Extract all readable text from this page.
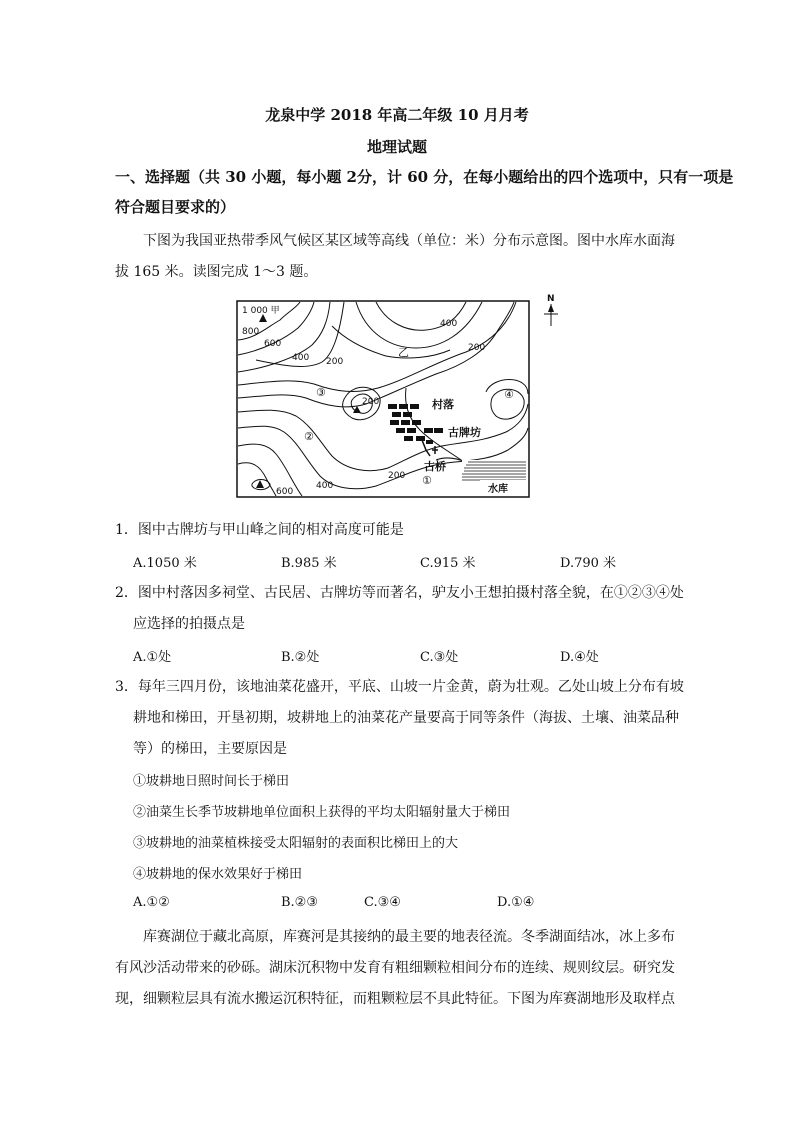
龙泉中学 2018 年高二年级 10 月月考
地理试题
一、选择题（共 30 小题，每小题 2分，计 60 分，在每小题给出的四个选项中，只有一项是
符合题目要求的）
下图为我国亚热带季风气候区某区域等高线（单位：米）分布示意图。图中水库水面海
拔 165 米。读图完成 1～3 题。
1 000 甲
800
600
400
400
200
200
乙
③
200	村落
②	古牌坊
④
古桥
200
400
600
①
水库
N
1．图中古牌坊与甲山峰之间的相对高度可能是
A.1050 米	B.985 米	C.915 米	D.790 米
2．图中村落因多祠堂、古民居、古牌坊等而著名，驴友小王想拍摄村落全貌，在①②③④处
应选择的拍摄点是
A.①处	B.②处	C.③处	D.④处
3．每年三四月份，该地油菜花盛开，平底、山坡一片金黄，蔚为壮观。乙处山坡上分布有坡
耕地和梯田，开垦初期，坡耕地上的油菜花产量要高于同等条件（海拔、土壤、油菜品种
等）的梯田，主要原因是
①坡耕地日照时间长于梯田
②油菜生长季节坡耕地单位面积上获得的平均太阳辐射量大于梯田
③坡耕地的油菜植株接受太阳辐射的表面积比梯田上的大
④坡耕地的保水效果好于梯田
A.①②	B.②③	C.③④	D.①④
库赛湖位于藏北高原，库赛河是其接纳的最主要的地表径流。冬季湖面结冰，冰上多布
有风沙活动带来的砂砾。湖床沉积物中发育有粗细颗粒相间分布的连续、规则纹层。研究发
现，细颗粒层具有流水搬运沉积特征，而粗颗粒层不具此特征。下图为库赛湖地形及取样点
